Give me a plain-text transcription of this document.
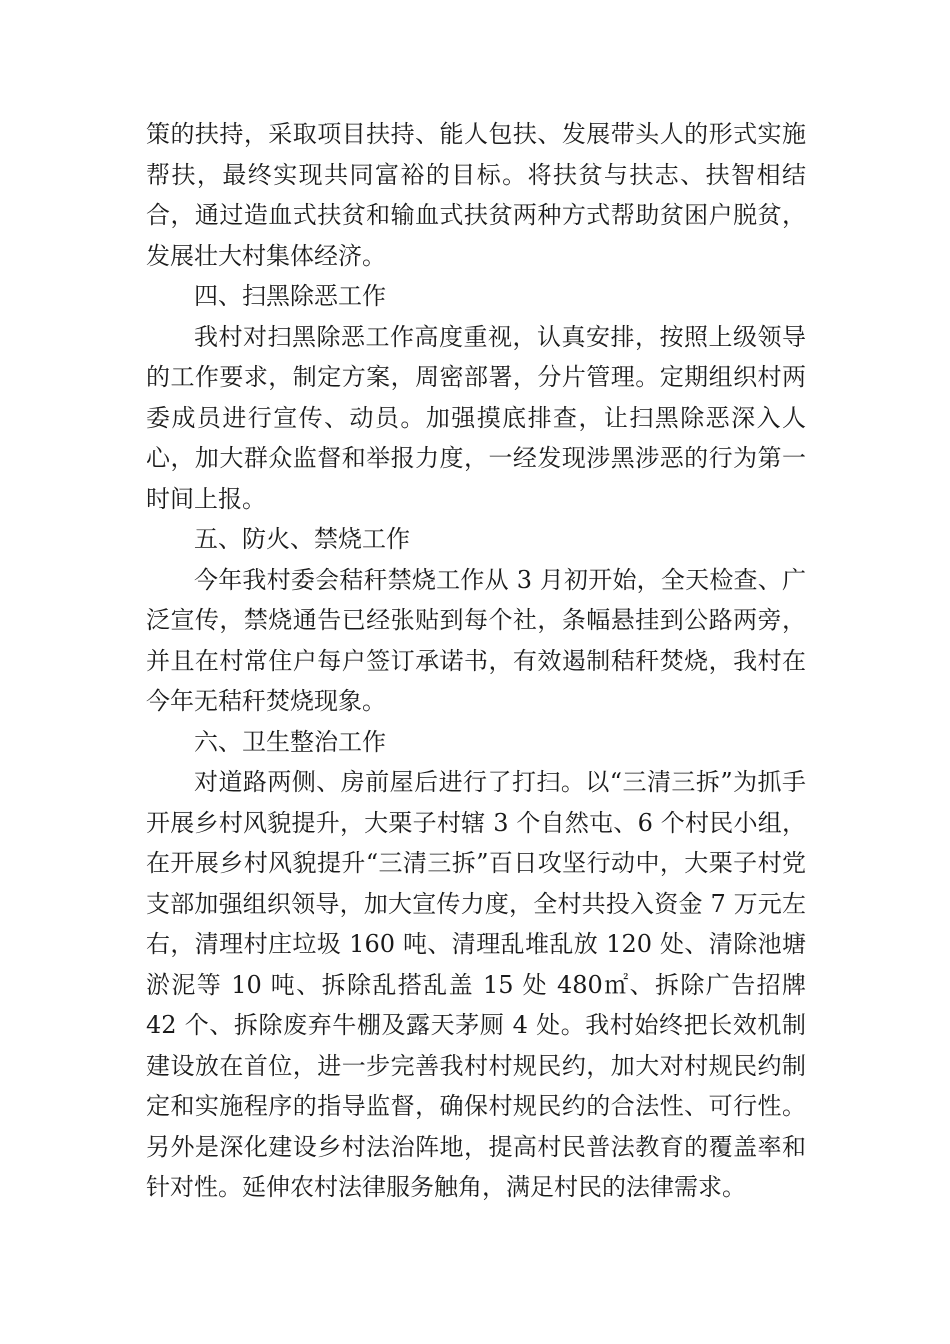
策的扶持，采取项目扶持、能人包扶、发展带头人的形式实施帮扶，最终实现共同富裕的目标。将扶贫与扶志、扶智相结合，通过造血式扶贫和输血式扶贫两种方式帮助贫困户脱贫，发展壮大村集体经济。

四、扫黑除恶工作

我村对扫黑除恶工作高度重视，认真安排，按照上级领导的工作要求，制定方案，周密部署，分片管理。定期组织村两委成员进行宣传、动员。加强摸底排查，让扫黑除恶深入人心，加大群众监督和举报力度，一经发现涉黑涉恶的行为第一时间上报。

五、防火、禁烧工作

今年我村委会秸秆禁烧工作从 3 月初开始，全天检查、广泛宣传，禁烧通告已经张贴到每个社，条幅悬挂到公路两旁，并且在村常住户每户签订承诺书，有效遏制秸秆焚烧，我村在今年无秸秆焚烧现象。

六、卫生整治工作

对道路两侧、房前屋后进行了打扫。以“三清三拆”为抓手开展乡村风貌提升，大栗子村辖 3 个自然屯、6 个村民小组，在开展乡村风貌提升“三清三拆”百日攻坚行动中，大栗子村党支部加强组织领导，加大宣传力度，全村共投入资金 7 万元左右，清理村庄垃圾 160 吨、清理乱堆乱放 120 处、清除池塘淤泥等 10 吨、拆除乱搭乱盖 15 处 480㎡、拆除广告招牌 42 个、拆除废弃牛棚及露天茅厕 4 处。我村始终把长效机制建设放在首位，进一步完善我村村规民约，加大对村规民约制定和实施程序的指导监督，确保村规民约的合法性、可行性。另外是深化建设乡村法治阵地，提高村民普法教育的覆盖率和针对性。延伸农村法律服务触角，满足村民的法律需求。
